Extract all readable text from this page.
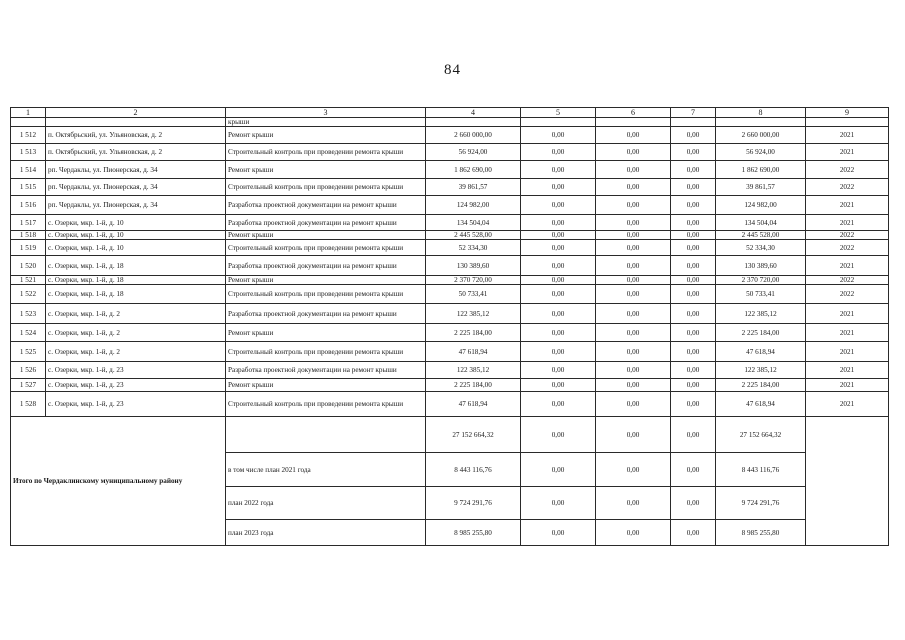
84
1	2	3	4	5	6	7	8	9
		крыши						
1 512	п. Октябрьский, ул. Ульяновская, д. 2	Ремонт крыши	2 660 000,00	0,00	0,00	0,00	2 660 000,00	2021
1 513	п. Октябрьский, ул. Ульяновская, д. 2	Строительный контроль при проведении ремонта крыши	56 924,00	0,00	0,00	0,00	56 924,00	2021
1 514	рп. Чердаклы, ул. Пионерская, д. 34	Ремонт крыши	1 862 690,00	0,00	0,00	0,00	1 862 690,00	2022
1 515	рп. Чердаклы, ул. Пионерская, д. 34	Строительный контроль при проведении ремонта крыши	39 861,57	0,00	0,00	0,00	39 861,57	2022
1 516	рп. Чердаклы, ул. Пионерская, д. 34	Разработка проектной документации на ремонт крыши	124 982,00	0,00	0,00	0,00	124 982,00	2021
1 517	с. Озерки, мкр. 1-й, д. 10	Разработка проектной документации на ремонт крыши	134 504,04	0,00	0,00	0,00	134 504,04	2021
1 518	с. Озерки, мкр. 1-й, д. 10	Ремонт крыши	2 445 528,00	0,00	0,00	0,00	2 445 528,00	2022
1 519	с. Озерки, мкр. 1-й, д. 10	Строительный контроль при проведении ремонта крыши	52 334,30	0,00	0,00	0,00	52 334,30	2022
1 520	с. Озерки, мкр. 1-й, д. 18	Разработка проектной документации на ремонт крыши	130 389,60	0,00	0,00	0,00	130 389,60	2021
1 521	с. Озерки, мкр. 1-й, д. 18	Ремонт крыши	2 370 720,00	0,00	0,00	0,00	2 370 720,00	2022
1 522	с. Озерки, мкр. 1-й, д. 18	Строительный контроль при проведении ремонта крыши	50 733,41	0,00	0,00	0,00	50 733,41	2022
1 523	с. Озерки, мкр. 1-й, д. 2	Разработка проектной документации на ремонт крыши	122 385,12	0,00	0,00	0,00	122 385,12	2021
1 524	с. Озерки, мкр. 1-й, д. 2	Ремонт крыши	2 225 184,00	0,00	0,00	0,00	2 225 184,00	2021
1 525	с. Озерки, мкр. 1-й, д. 2	Строительный контроль при проведении ремонта крыши	47 618,94	0,00	0,00	0,00	47 618,94	2021
1 526	с. Озерки, мкр. 1-й, д. 23	Разработка проектной документации на ремонт крыши	122 385,12	0,00	0,00	0,00	122 385,12	2021
1 527	с. Озерки, мкр. 1-й, д. 23	Ремонт крыши	2 225 184,00	0,00	0,00	0,00	2 225 184,00	2021
1 528	с. Озерки, мкр. 1-й, д. 23	Строительный контроль при проведении ремонта крыши	47 618,94	0,00	0,00	0,00	47 618,94	2021
Итого по Чердаклинскому муниципальному району			27 152 664,32	0,00	0,00	0,00	27 152 664,32	
		в том числе план 2021 года	8 443 116,76	0,00	0,00	0,00	8 443 116,76	
		план 2022 года	9 724 291,76	0,00	0,00	0,00	9 724 291,76	
		план 2023 года	8 985 255,80	0,00	0,00	0,00	8 985 255,80	
